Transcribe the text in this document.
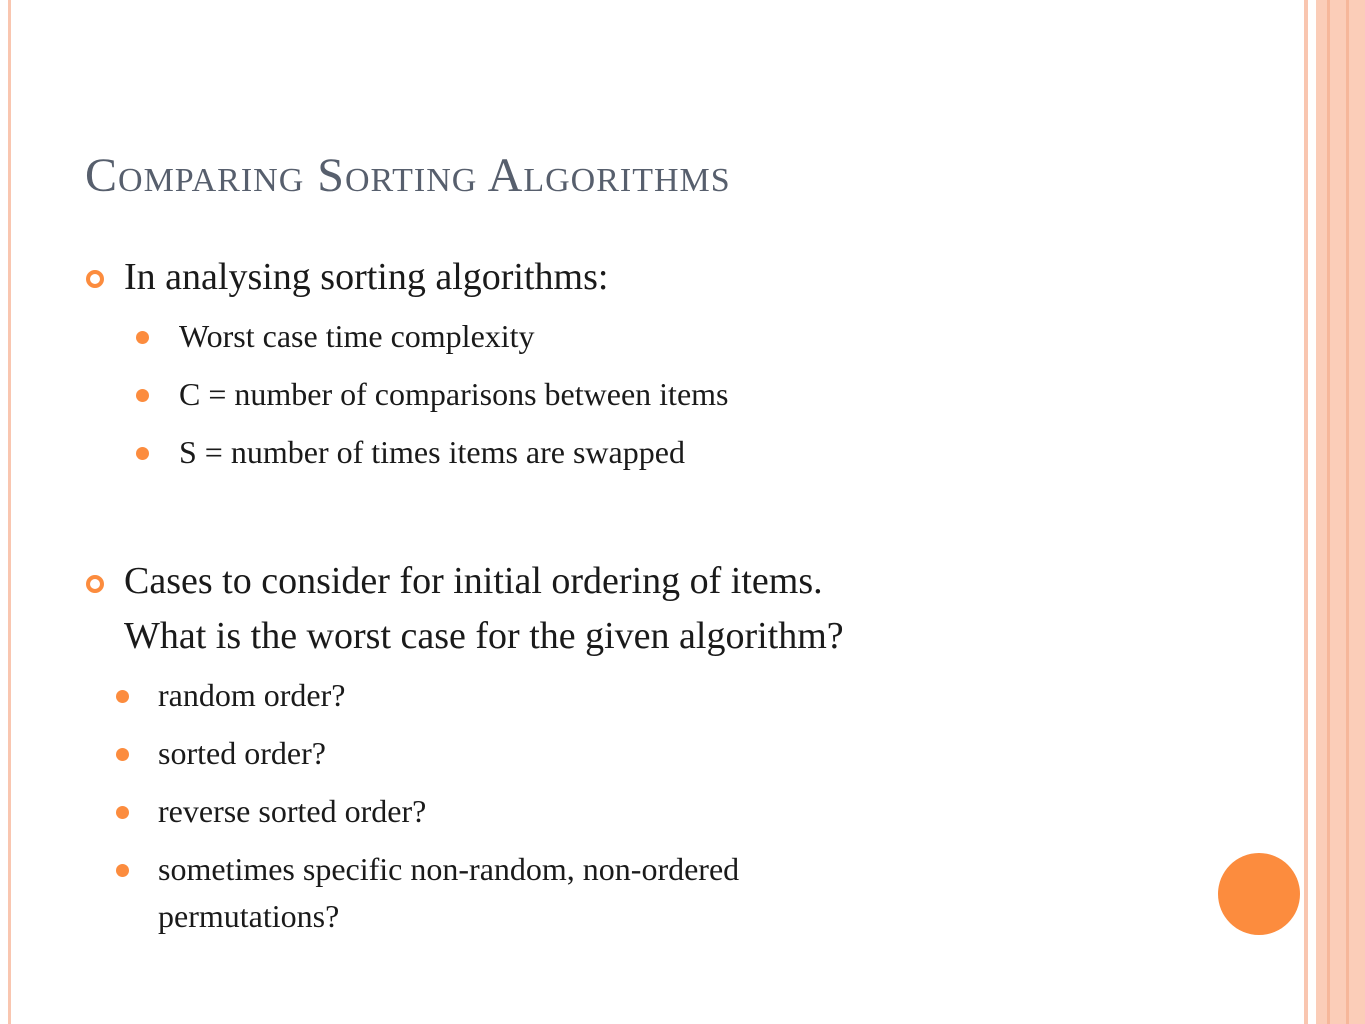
Comparing Sorting Algorithms

In analysing sorting algorithms:

Worst case time complexity

C = number of comparisons between items

S = number of times items are swapped

Cases to consider for initial ordering of items.

What is the worst case for the given algorithm?

random order?

sorted order?

reverse sorted order?

sometimes specific non-random, non-ordered

permutations?
